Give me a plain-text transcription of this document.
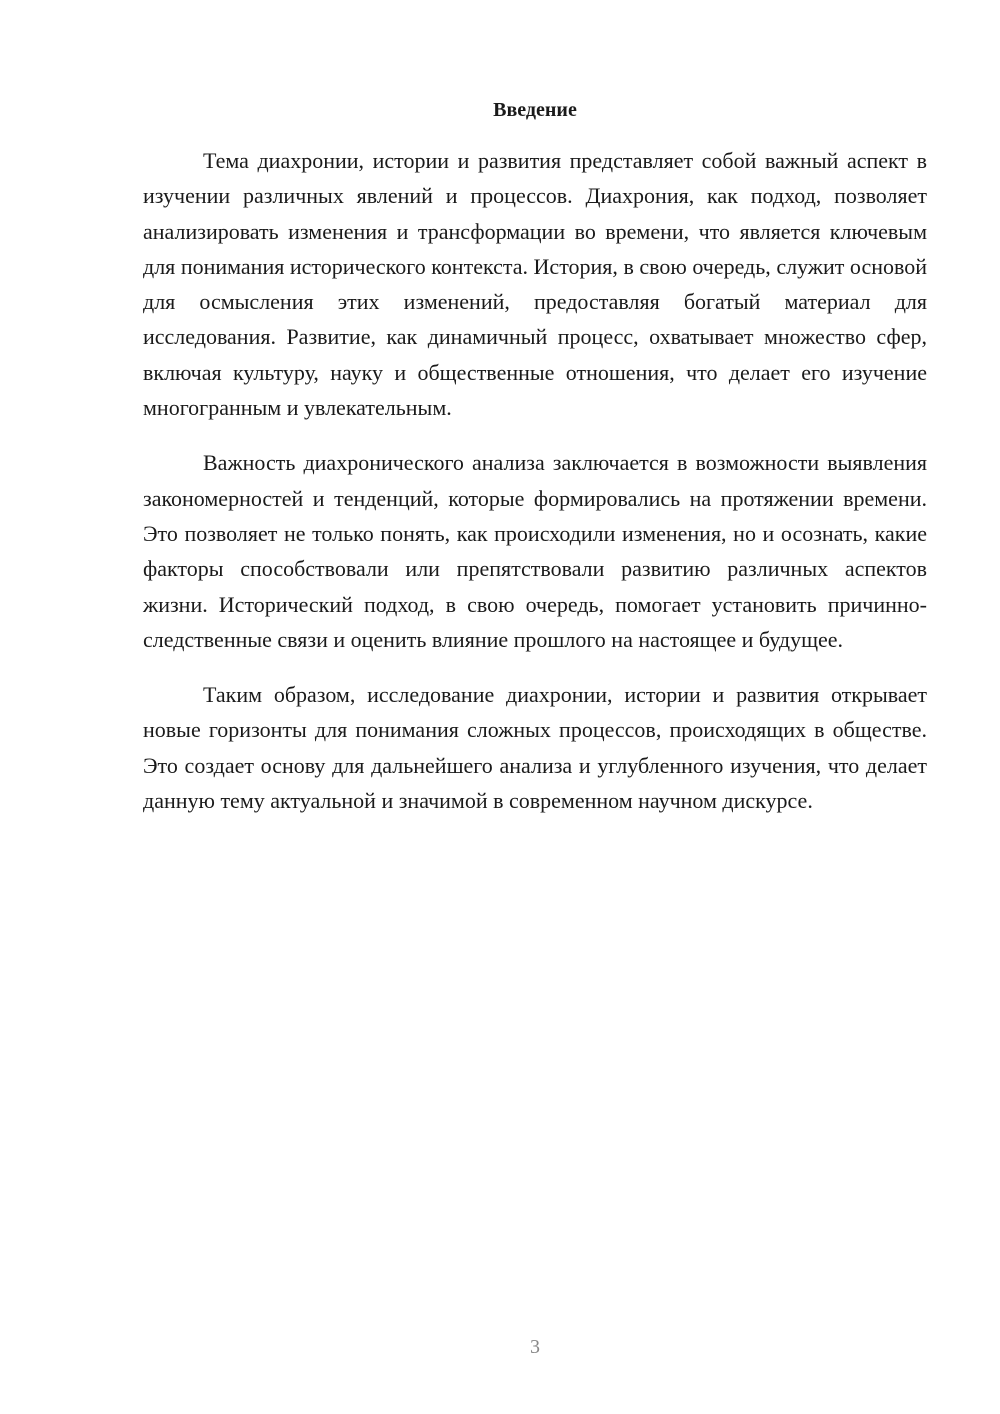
Введение

Тема диахронии, истории и развития представляет собой важный аспект в изучении различных явлений и процессов. Диахрония, как подход, позволяет анализировать изменения и трансформации во времени, что является ключевым для понимания исторического контекста. История, в свою очередь, служит основой для осмысления этих изменений, предоставляя богатый материал для исследования. Развитие, как динамичный процесс, охватывает множество сфер, включая культуру, науку и общественные отношения, что делает его изучение многогранным и увлекательным.

Важность диахронического анализа заключается в возможности выявления закономерностей и тенденций, которые формировались на протяжении времени. Это позволяет не только понять, как происходили изменения, но и осознать, какие факторы способствовали или препятствовали развитию различных аспектов жизни. Исторический подход, в свою очередь, помогает установить причинно-следственные связи и оценить влияние прошлого на настоящее и будущее.

Таким образом, исследование диахронии, истории и развития открывает новые горизонты для понимания сложных процессов, происходящих в обществе. Это создает основу для дальнейшего анализа и углубленного изучения, что делает данную тему актуальной и значимой в современном научном дискурсе.

3
